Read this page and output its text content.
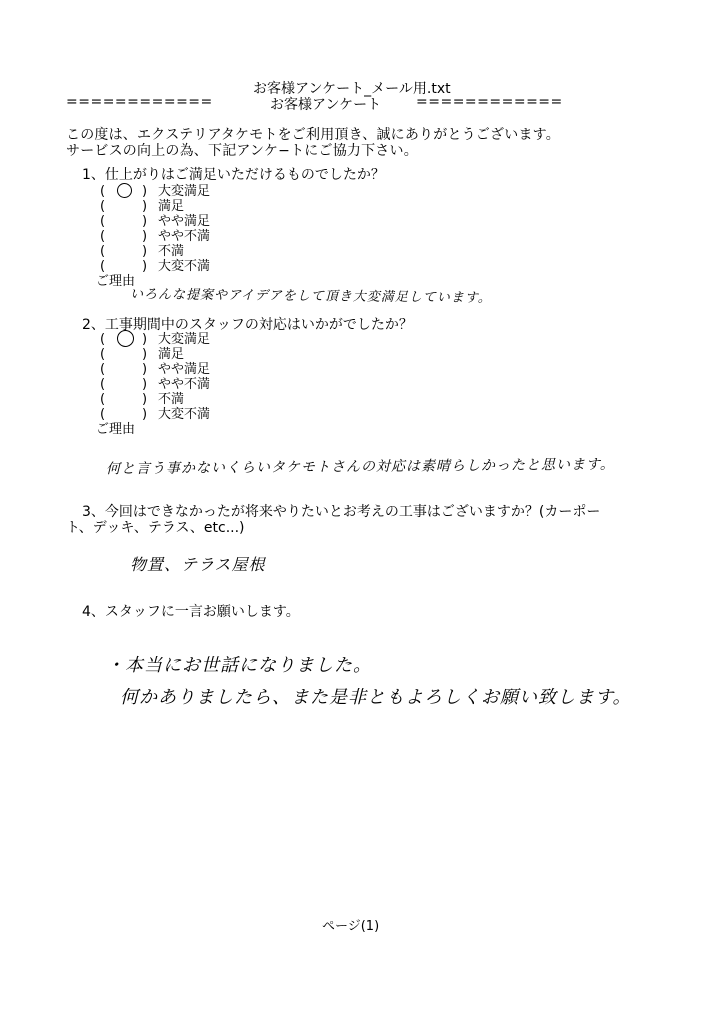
お客様アンケート_メール用.txt
============	お客様アンケート ============
この度は、エクステリアタケモトをご利用頂き、誠にありがとうございます。
サービスの向上の為、下記アンケ−トにご協力下さい。
1、仕上がりはご満足いただけるものでしたか？
(	) 大変満足
(	) 満足
(	) やや満足
(	) やや不満
(	) 不満
(	) 大変不満
ご理由
いろんな提案やアイデアをして頂き大変満足しています。
2、工事期間中のスタッフの対応はいかがでしたか？
(	) 大変満足
(	) 満足
(	) やや満足
(	) やや不満
(	) 不満
(	) 大変不満
ご理由
何と言う事かないくらいタケモトさんの対応は素晴らしかったと思います。
3、今回はできなかったが将来やりたいとお考えの工事はございますか？(カーポー
ト、デッキ、テラス、etc...)
物置、テラス屋根
4、スタッフに一言お願いします。
・本当にお世話になりました。
何かありましたら、また是非ともよろしくお願い致します。
ページ(1)
